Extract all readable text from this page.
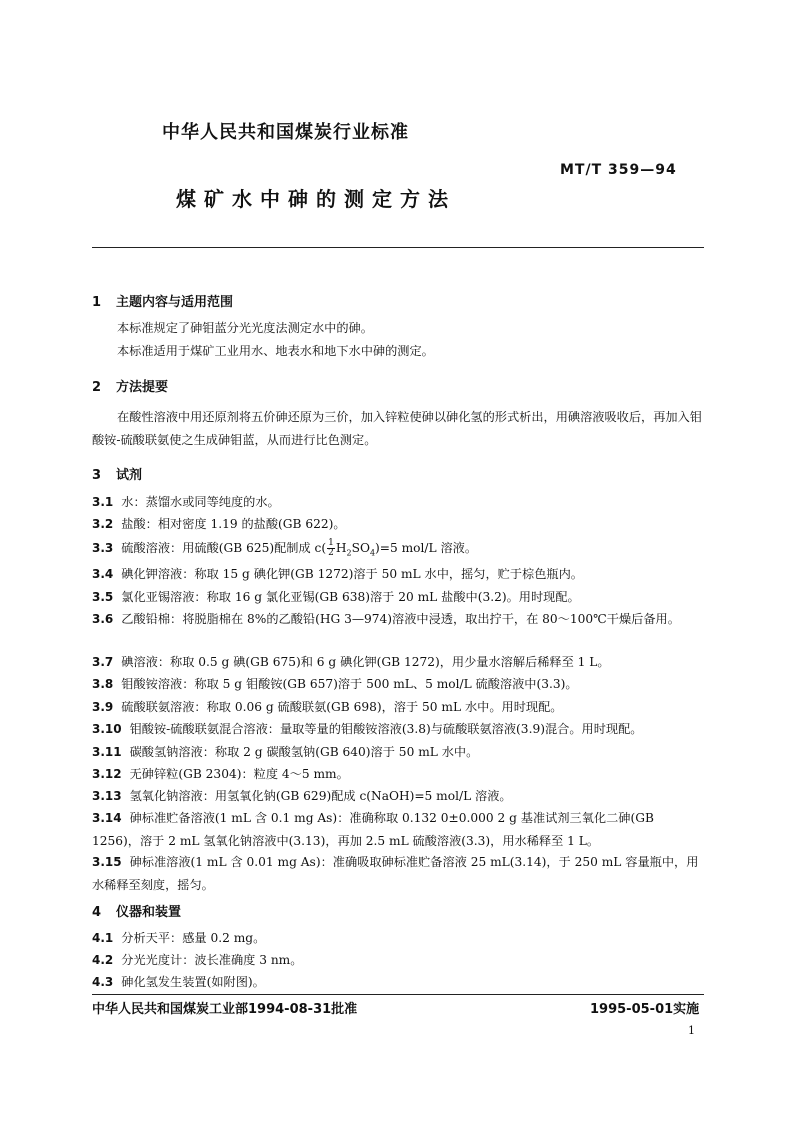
中华人民共和国煤炭行业标准
MT/T 359—94
煤矿水中砷的测定方法
1 主题内容与适用范围
本标准规定了砷钼蓝分光光度法测定水中的砷。
本标准适用于煤矿工业用水、地表水和地下水中砷的测定。
2 方法提要
在酸性溶液中用还原剂将五价砷还原为三价，加入锌粒使砷以砷化氢的形式析出，用碘溶液吸收后，再加入钼酸铵-硫酸联氨使之生成砷钼蓝，从而进行比色测定。
3 试剂
3.1 水：蒸馏水或同等纯度的水。
3.2 盐酸：相对密度 1.19 的盐酸(GB 622)。
3.3 硫酸溶液：用硫酸(GB 625)配制成 $c( \frac{1}{2} H_2SO_4)=5$ mol/L 溶液。
3.4 碘化钾溶液：称取 15 g 碘化钾(GB 1272)溶于 50 mL 水中，摇匀，贮于棕色瓶内。
3.5 氯化亚锡溶液：称取 16 g 氯化亚锡(GB 638)溶于 20 mL 盐酸中(3.2)。用时现配。
3.6 乙酸铅棉：将脱脂棉在 8%的乙酸铅(HG 3—974)溶液中浸透，取出拧干，在 80～100℃干燥后备用。
3.7 碘溶液：称取 0.5 g 碘(GB 675)和 6 g 碘化钾(GB 1272)，用少量水溶解后稀释至 1 L。
3.8 钼酸铵溶液：称取 5 g 钼酸铵(GB 657)溶于 500 mL、5 mol/L 硫酸溶液中(3.3)。
3.9 硫酸联氨溶液：称取 0.06 g 硫酸联氨(GB 698)，溶于 50 mL 水中。用时现配。
3.10 钼酸铵-硫酸联氨混合溶液：量取等量的钼酸铵溶液(3.8)与硫酸联氨溶液(3.9)混合。用时现配。
3.11 碳酸氢钠溶液：称取 2 g 碳酸氢钠(GB 640)溶于 50 mL 水中。
3.12 无砷锌粒(GB 2304)：粒度 4～5 mm。
3.13 氢氧化钠溶液：用氢氧化钠(GB 629)配成 c(NaOH)=5 mol/L 溶液。
3.14 砷标准贮备溶液(1 mL 含 0.1 mg As)：准确称取 0.132 0±0.000 2 g 基准试剂三氧化二砷(GB 1256)，溶于 2 mL 氢氧化钠溶液中(3.13)，再加 2.5 mL 硫酸溶液(3.3)，用水稀释至 1 L。
3.15 砷标准溶液(1 mL 含 0.01 mg As)：准确吸取砷标准贮备溶液 25 mL(3.14)，于 250 mL 容量瓶中，用水稀释至刻度，摇匀。
4 仪器和装置
4.1 分析天平：感量 0.2 mg。
4.2 分光光度计：波长准确度 3 nm。
4.3 砷化氢发生装置(如附图)。
中华人民共和国煤炭工业部1994-08-31批准	1995-05-01实施
1
